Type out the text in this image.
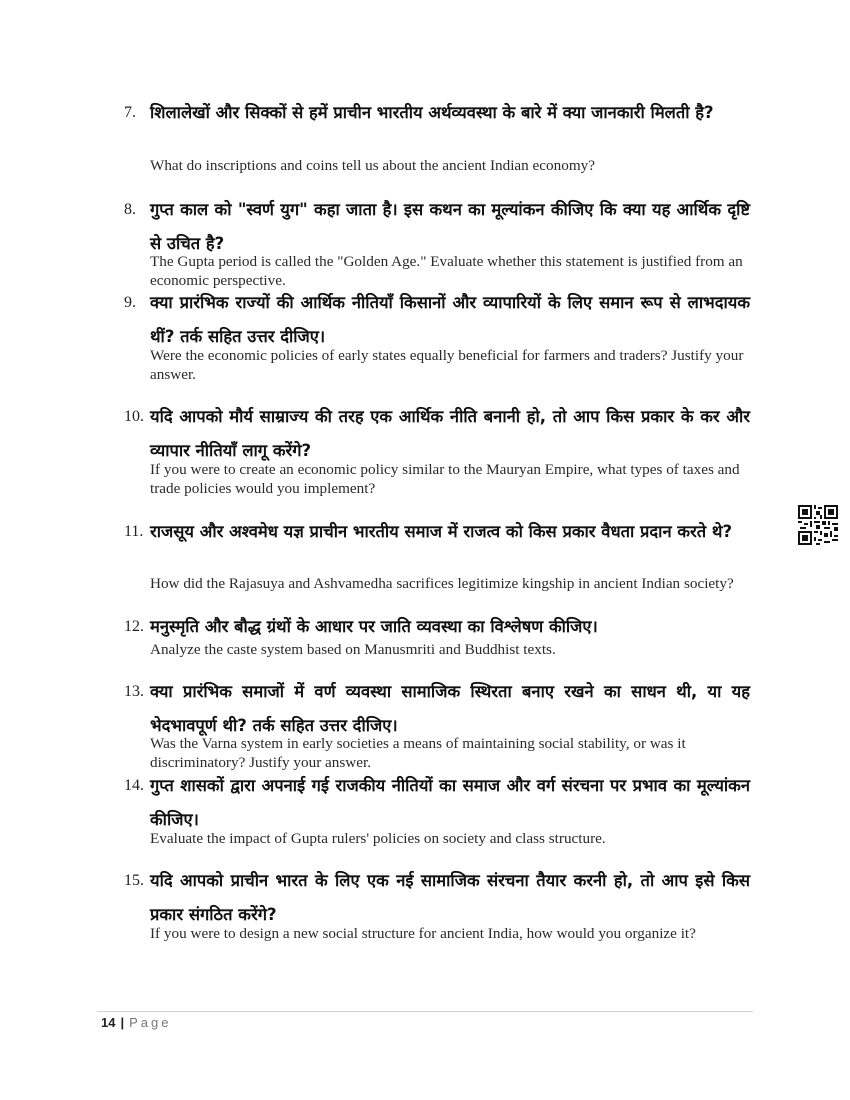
7. शिलालेखों और सिक्कों से हमें प्राचीन भारतीय अर्थव्यवस्था के बारे में क्या जानकारी मिलती है?
What do inscriptions and coins tell us about the ancient Indian economy?
8. गुप्त काल को "स्वर्ण युग" कहा जाता है। इस कथन का मूल्यांकन कीजिए कि क्या यह आर्थिक दृष्टि से उचित है?
The Gupta period is called the "Golden Age." Evaluate whether this statement is justified from an economic perspective.
9. क्या प्रारंभिक राज्यों की आर्थिक नीतियाँ किसानों और व्यापारियों के लिए समान रूप से लाभदायक थीं? तर्क सहित उत्तर दीजिए।
Were the economic policies of early states equally beneficial for farmers and traders? Justify your answer.
10. यदि आपको मौर्य साम्राज्य की तरह एक आर्थिक नीति बनानी हो, तो आप किस प्रकार के कर और व्यापार नीतियाँ लागू करेंगे?
If you were to create an economic policy similar to the Mauryan Empire, what types of taxes and trade policies would you implement?
11. राजसूय और अश्वमेध यज्ञ प्राचीन भारतीय समाज में राजत्व को किस प्रकार वैधता प्रदान करते थे?
How did the Rajasuya and Ashvamedha sacrifices legitimize kingship in ancient Indian society?
12. मनुस्मृति और बौद्ध ग्रंथों के आधार पर जाति व्यवस्था का विश्लेषण कीजिए।
Analyze the caste system based on Manusmriti and Buddhist texts.
13. क्या प्रारंभिक समाजों में वर्ण व्यवस्था सामाजिक स्थिरता बनाए रखने का साधन थी, या यह भेदभावपूर्ण थी? तर्क सहित उत्तर दीजिए।
Was the Varna system in early societies a means of maintaining social stability, or was it discriminatory? Justify your answer.
14. गुप्त शासकों द्वारा अपनाई गई राजकीय नीतियों का समाज और वर्ग संरचना पर प्रभाव का मूल्यांकन कीजिए।
Evaluate the impact of Gupta rulers' policies on society and class structure.
15. यदि आपको प्राचीन भारत के लिए एक नई सामाजिक संरचना तैयार करनी हो, तो आप इसे किस प्रकार संगठित करेंगे?
If you were to design a new social structure for ancient India, how would you organize it?
14 | Page
